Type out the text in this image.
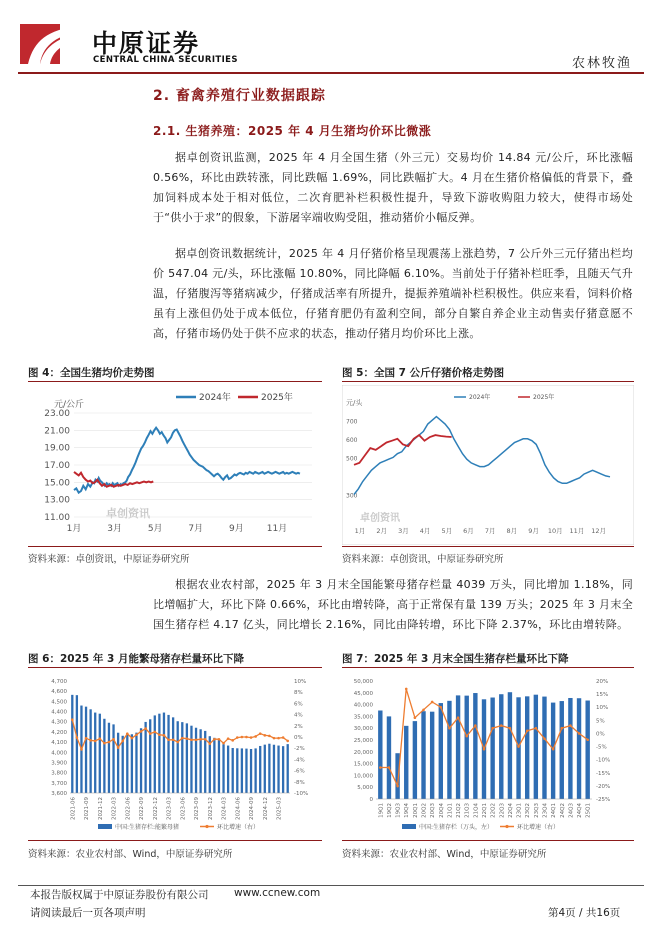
中原证券
CENTRAL CHINA SECURITIES	农林牧渔
2. 畜禽养殖行业数据跟踪
2.1. 生猪养殖：2025 年 4 月生猪均价环比微涨
据卓创资讯监测，2025 年 4 月全国生猪（外三元）交易均价 14.84 元/公斤，环比涨幅 0.56%，环比由跌转涨，同比跌幅 1.69%，同比跌幅扩大。4 月在生猪价格偏低的背景下，叠加饲料成本处于相对低位，二次育肥补栏积极性提升，导致下游收购阻力较大，使得市场处于“供小于求”的假象，下游屠宰端收购受阻，推动猪价小幅反弹。
据卓创资讯数据统计，2025 年 4 月仔猪价格呈现震荡上涨趋势，7 公斤外三元仔猪出栏均价 547.04 元/头，环比涨幅 10.80%，同比降幅 6.10%。当前处于仔猪补栏旺季，且随天气升温，仔猪腹泻等猪病减少，仔猪成活率有所提升，提振养殖端补栏积极性。供应来看，饲料价格虽有上涨但仍处于成本低位，仔猪育肥仍有盈利空间，部分自繁自养企业主动售卖仔猪意愿不高，仔猪市场仍处于供不应求的状态，推动仔猪月均价环比上涨。
图 4：全国生猪均价走势图
卓创资讯
23.00
21.00
19.00
17.00
15.00
13.00
11.00
元/公斤
1月	3月	5月	7月	9月	11月
2024年	2025年
资料来源：卓创资讯，中原证券研究所
图 5：全国 7 公斤仔猪价格走势图
卓创资讯
700
600
500
300
元/头
1月 2月 3月 4月 5月 6月 7月 8月 9月 10月 11月 12月
2024年	2025年
资料来源：卓创资讯，中原证券研究所
根据农业农村部，2025 年 3 月末全国能繁母猪存栏量 4039 万头，同比增加 1.18%，同比增幅扩大，环比下降 0.66%，环比由增转降，高于正常保有量 139 万头；2025 年 3 月末全国生猪存栏 4.17 亿头，同比增长 2.16%，同比由降转增，环比下降 2.37%，环比由增转降。
图 6：2025 年 3 月能繁母猪存栏量环比下降
4,700
4,600
4,500
4,400
4,300
4,200
4,100
4,000
3,900
3,800
3,700
3,600
10%
8%
6%
4%
2%
0%
-2%
-4%
-6%
-8%
-10%
2021-06 2021-09 2021-12 2022-03 2022-06 2022-09 2022-12 2023-03 2023-06 2023-09 2023-12 2024-03 2024-06 2024-09 2024-12 2025-03
中国:生猪存栏:能繁母猪	环比增速（右）
资料来源：农业农村部、Wind，中原证券研究所
图 7：2025 年 3 月末全国生猪存栏量环比下降
50,000
45,000
40,000
35,000
30,000
25,000
20,000
15,000
10,000
5,000
0
20%
15%
10%
5%
0%
-5%
-10%
-15%
-20%
-25%
19Q1 19Q2 19Q3 19Q4 20Q1 20Q2 20Q3 20Q4 21Q1 21Q2 21Q3 21Q4 22Q1 22Q2 22Q3 22Q4 23Q1 23Q2 23Q3 23Q4 24Q1 24Q2 24Q3 24Q4 25Q1
中国:生猪存栏（万头，左）	环比增速（右）
资料来源：农业农村部、Wind，中原证券研究所
本报告版权属于中原证券股份有限公司 www.ccnew.com
请阅读最后一页各项声明	第4页 / 共16页
